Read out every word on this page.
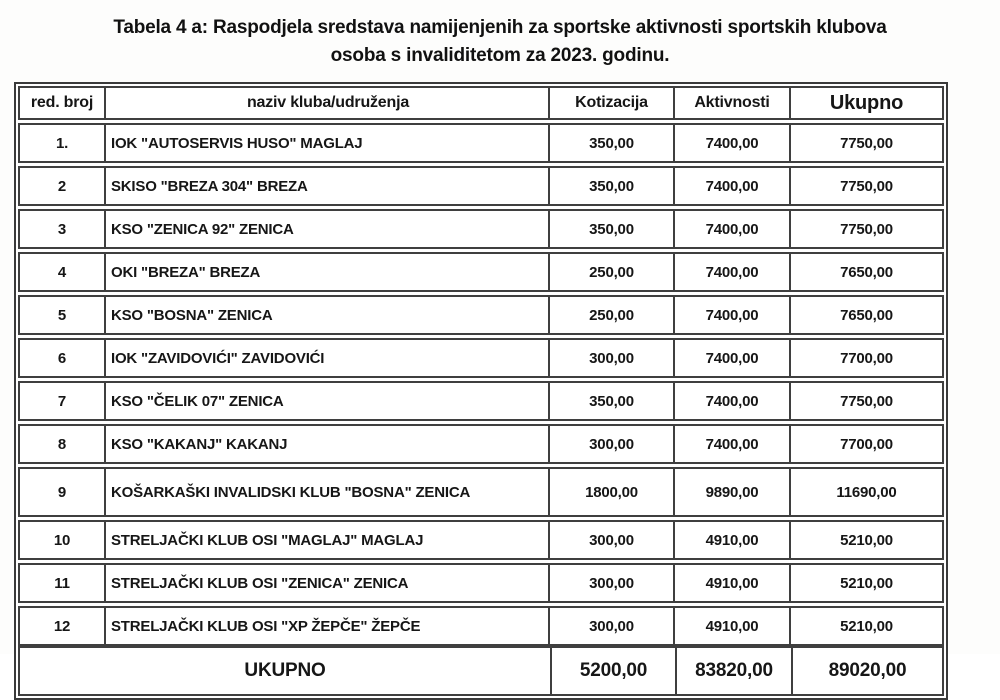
Tabela 4 a: Raspodjela sredstava namijenjenih za sportske aktivnosti sportskih klubova
osoba s invaliditetom za 2023. godinu.
red. broj	naziv kluba/udruženja	Kotizacija	Aktivnosti	Ukupno
1.	IOK "AUTOSERVIS HUSO" MAGLAJ	350,00	7400,00	7750,00
2	SKISO "BREZA 304" BREZA	350,00	7400,00	7750,00
3	KSO "ZENICA 92" ZENICA	350,00	7400,00	7750,00
4	OKI "BREZA" BREZA	250,00	7400,00	7650,00
5	KSO "BOSNA" ZENICA	250,00	7400,00	7650,00
6	IOK "ZAVIDOVIĆI" ZAVIDOVIĆI	300,00	7400,00	7700,00
7	KSO "ČELIK 07" ZENICA	350,00	7400,00	7750,00
8	KSO "KAKANJ" KAKANJ	300,00	7400,00	7700,00
9	KOŠARKAŠKI INVALIDSKI KLUB "BOSNA" ZENICA	1800,00	9890,00	11690,00
10	STRELJAČKI KLUB OSI "MAGLAJ" MAGLAJ	300,00	4910,00	5210,00
11	STRELJAČKI KLUB OSI "ZENICA" ZENICA	300,00	4910,00	5210,00
12	STRELJAČKI KLUB OSI "XP ŽEPČE" ŽEPČE	300,00	4910,00	5210,00
UKUPNO	5200,00	83820,00	89020,00
